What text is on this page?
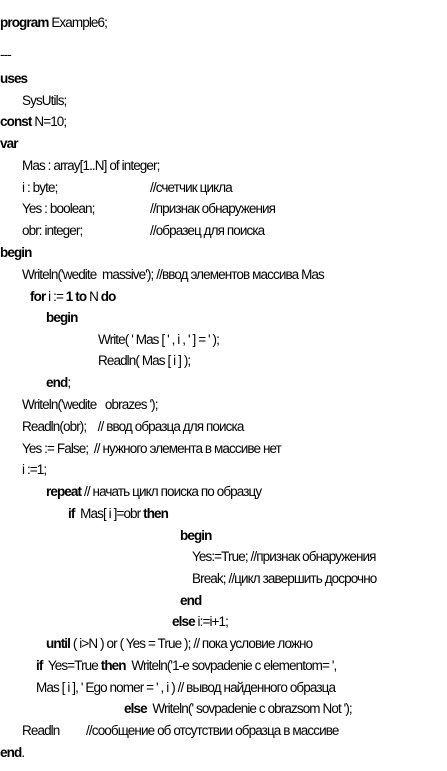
program Example6;
---
uses
SysUtils;
const N=10;
var
Mas : array[1..N] of integer;
i : byte;	//счетчик цикла
Yes : boolean;	//признак обнаружения
obr: integer;	//образец для поиска
begin
Writeln('wedite  massive'); //ввод элементов массива Mas
for i := 1 to N do
begin
Write( ' Mas [ ' , i , ' ] = ' );
Readln( Mas [ i ] );
end;
Writeln('wedite   obrazes ');
Readln(obr);    // ввод образца для поиска
Yes := False;  // нужного элемента в массиве нет
i :=1;
repeat // начать цикл поиска по образцу
if  Mas[ i ]=obr then
begin
Yes:=True; //признак обнаружения
Break; //цикл завершить досрочно
end
else i:=i+1;
until ( i>N ) or ( Yes = True ); // пока условие ложно
if  Yes=True then  Writeln('1-e sovpadenie c elementom= ',
Mas [ i ], ' Ego nomer = ' , i ) // вывод найденного образца
else  Writeln(' sovpadenie c obrazsom Not ');
Readln //сообщение об отсутствии образца в массиве
end.
